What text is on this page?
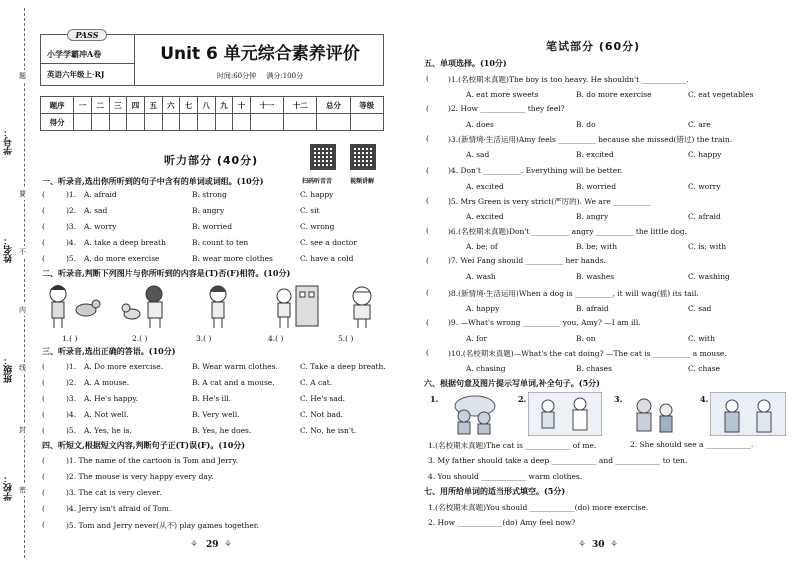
学号：
姓名：
班级：
学校：
题
要
不
内
线
封
密
PASS
小学学霸冲A卷
英语六年级上·RJ
Unit 6 单元综合素养评价
时间:60分钟 满分:100分
题序	一	二	三	四	五	六	七	八	九	十	十一	十二	总分	等级
得分														
听力部分 (40分)
扫码听音音	视频讲解
一、听录音,选出你所听到的句子中含有的单词或词组。(10分)
(	)1. A. afraid	B. strong	C. happy
(	)2. A. sad	B. angry	C. sit
(	)3. A. worry	B. worried	C. wrong
(	)4. A. take a deep breath	B. count to ten	C. see a doctor
(	)5. A. do more exercise	B. wear more clothes	C. have a cold
二、听录音,判断下列图片与你所听到的内容是(T)否(F)相符。(10分)
1.( )	2.( )	3.( )	4.( )	5.( )
三、听录音,选出正确的答语。(10分)
(	)1. A. Do more exercise.	B. Wear warm clothes.	C. Take a deep breath.
(	)2. A. A mouse.	B. A cat and a mouse.	C. A cat.
(	)3. A. He's happy.	B. He's ill.	C. He's sad.
(	)4. A. Not well.	B. Very well.	C. Not bad.
(	)5. A. Yes, he is.	B. Yes, he does.	C. No, he isn't.
四、听短文,根据短文内容,判断句子正(T)误(F)。(10分)
(	)1. The name of the cartoon is Tom and Jerry.
(	)2. The mouse is very happy every day.
(	)3. The cat is very clever.
(	)4. Jerry isn't afraid of Tom.
(	)5. Tom and Jerry never(从不) play games together.
⚘ 29 ⚘
笔试部分 (60分)
五、单项选择。(10分)
(	)1.(名校期末真题)The boy is too heavy. He shouldn't ____________.
A. eat more sweets	B. do more exercise	C. eat vegetables
(	)2. How ____________ they feel?
A. does	B. do	C. are
(	)3.(新情境·生活运用)Amy feels __________ because she missed(错过) the train.
A. sad	B. excited	C. happy
(	)4. Don't __________. Everything will be better.
A. excited	B. worried	C. worry
(	)5. Mrs Green is very strict(严厉的). We are __________
A. excited	B. angry	C. afraid
(	)6.(名校期末真题)Don't __________ angry __________ the little dog.
A. be; of	B. be; with	C. is; with
(	)7. Wei Fang should __________ her hands.
A. wash	B. washes	C. washing
(	)8.(新情境·生活运用)When a dog is __________, it will wag(摇) its tail.
A. happy	B. afraid	C. sad
(	)9. —What's wrong __________ you, Amy? —I am ill.
A. for	B. on	C. with
(	)10.(名校期末真题)—What's the cat doing? —The cat is __________ a mouse.
A. chasing	B. chases	C. chase
六、根据句意及图片提示写单词,补全句子。(5分)
1.	2.	3.	4.
1.(名校期末真题)The cat is ____________ of me.	2. She should see a ____________.
3. My father should take a deep ____________ and ____________ to ten.
4. You should ____________ warm clothes.
七、用所给单词的适当形式填空。(5分)
1.(名校期末真题)You should ____________(do) more exercise.
2. How ____________(do) Amy feel now?
⚘ 30 ⚘
